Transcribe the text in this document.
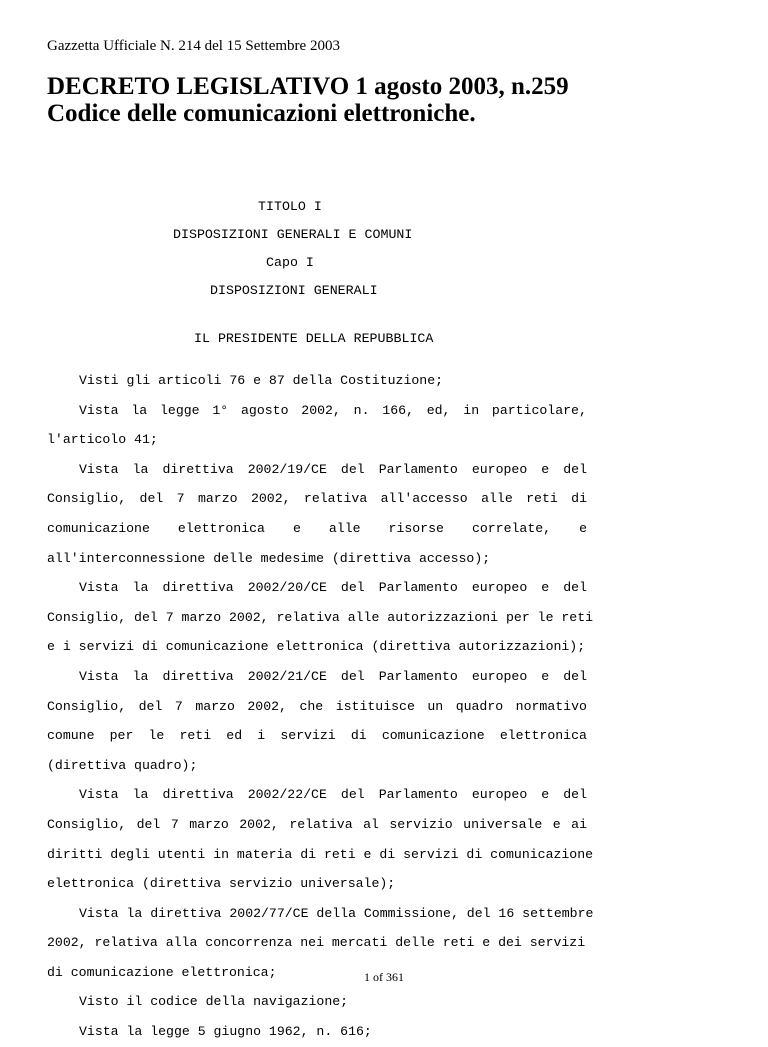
Gazzetta Ufficiale N. 214 del 15 Settembre 2003

DECRETO LEGISLATIVO 1 agosto 2003, n.259
Codice delle comunicazioni elettroniche.
TITOLO I
DISPOSIZIONI GENERALI E COMUNI
Capo I
DISPOSIZIONI GENERALI
IL PRESIDENTE DELLA REPUBBLICA
Visti gli articoli 76 e 87 della Costituzione;
Vista la legge 1° agosto 2002, n. 166, ed, in particolare,
l'articolo 41;
Vista la direttiva 2002/19/CE del Parlamento europeo e del
Consiglio, del 7 marzo 2002, relativa all'accesso alle reti di
comunicazione elettronica e alle risorse correlate, e
all'interconnessione delle medesime (direttiva accesso);
Vista la direttiva 2002/20/CE del Parlamento europeo e del
Consiglio, del 7 marzo 2002, relativa alle autorizzazioni per le reti
e i servizi di comunicazione elettronica (direttiva autorizzazioni);
Vista la direttiva 2002/21/CE del Parlamento europeo e del
Consiglio, del 7 marzo 2002, che istituisce un quadro normativo
comune per le reti ed i servizi di comunicazione elettronica
(direttiva quadro);
Vista la direttiva 2002/22/CE del Parlamento europeo e del
Consiglio, del 7 marzo 2002, relativa al servizio universale e ai
diritti degli utenti in materia di reti e di servizi di comunicazione
elettronica (direttiva servizio universale);
Vista la direttiva 2002/77/CE della Commissione, del 16 settembre
2002, relativa alla concorrenza nei mercati delle reti e dei servizi
di comunicazione elettronica;
Visto il codice della navigazione;
Vista la legge 5 giugno 1962, n. 616;

1 of 361
